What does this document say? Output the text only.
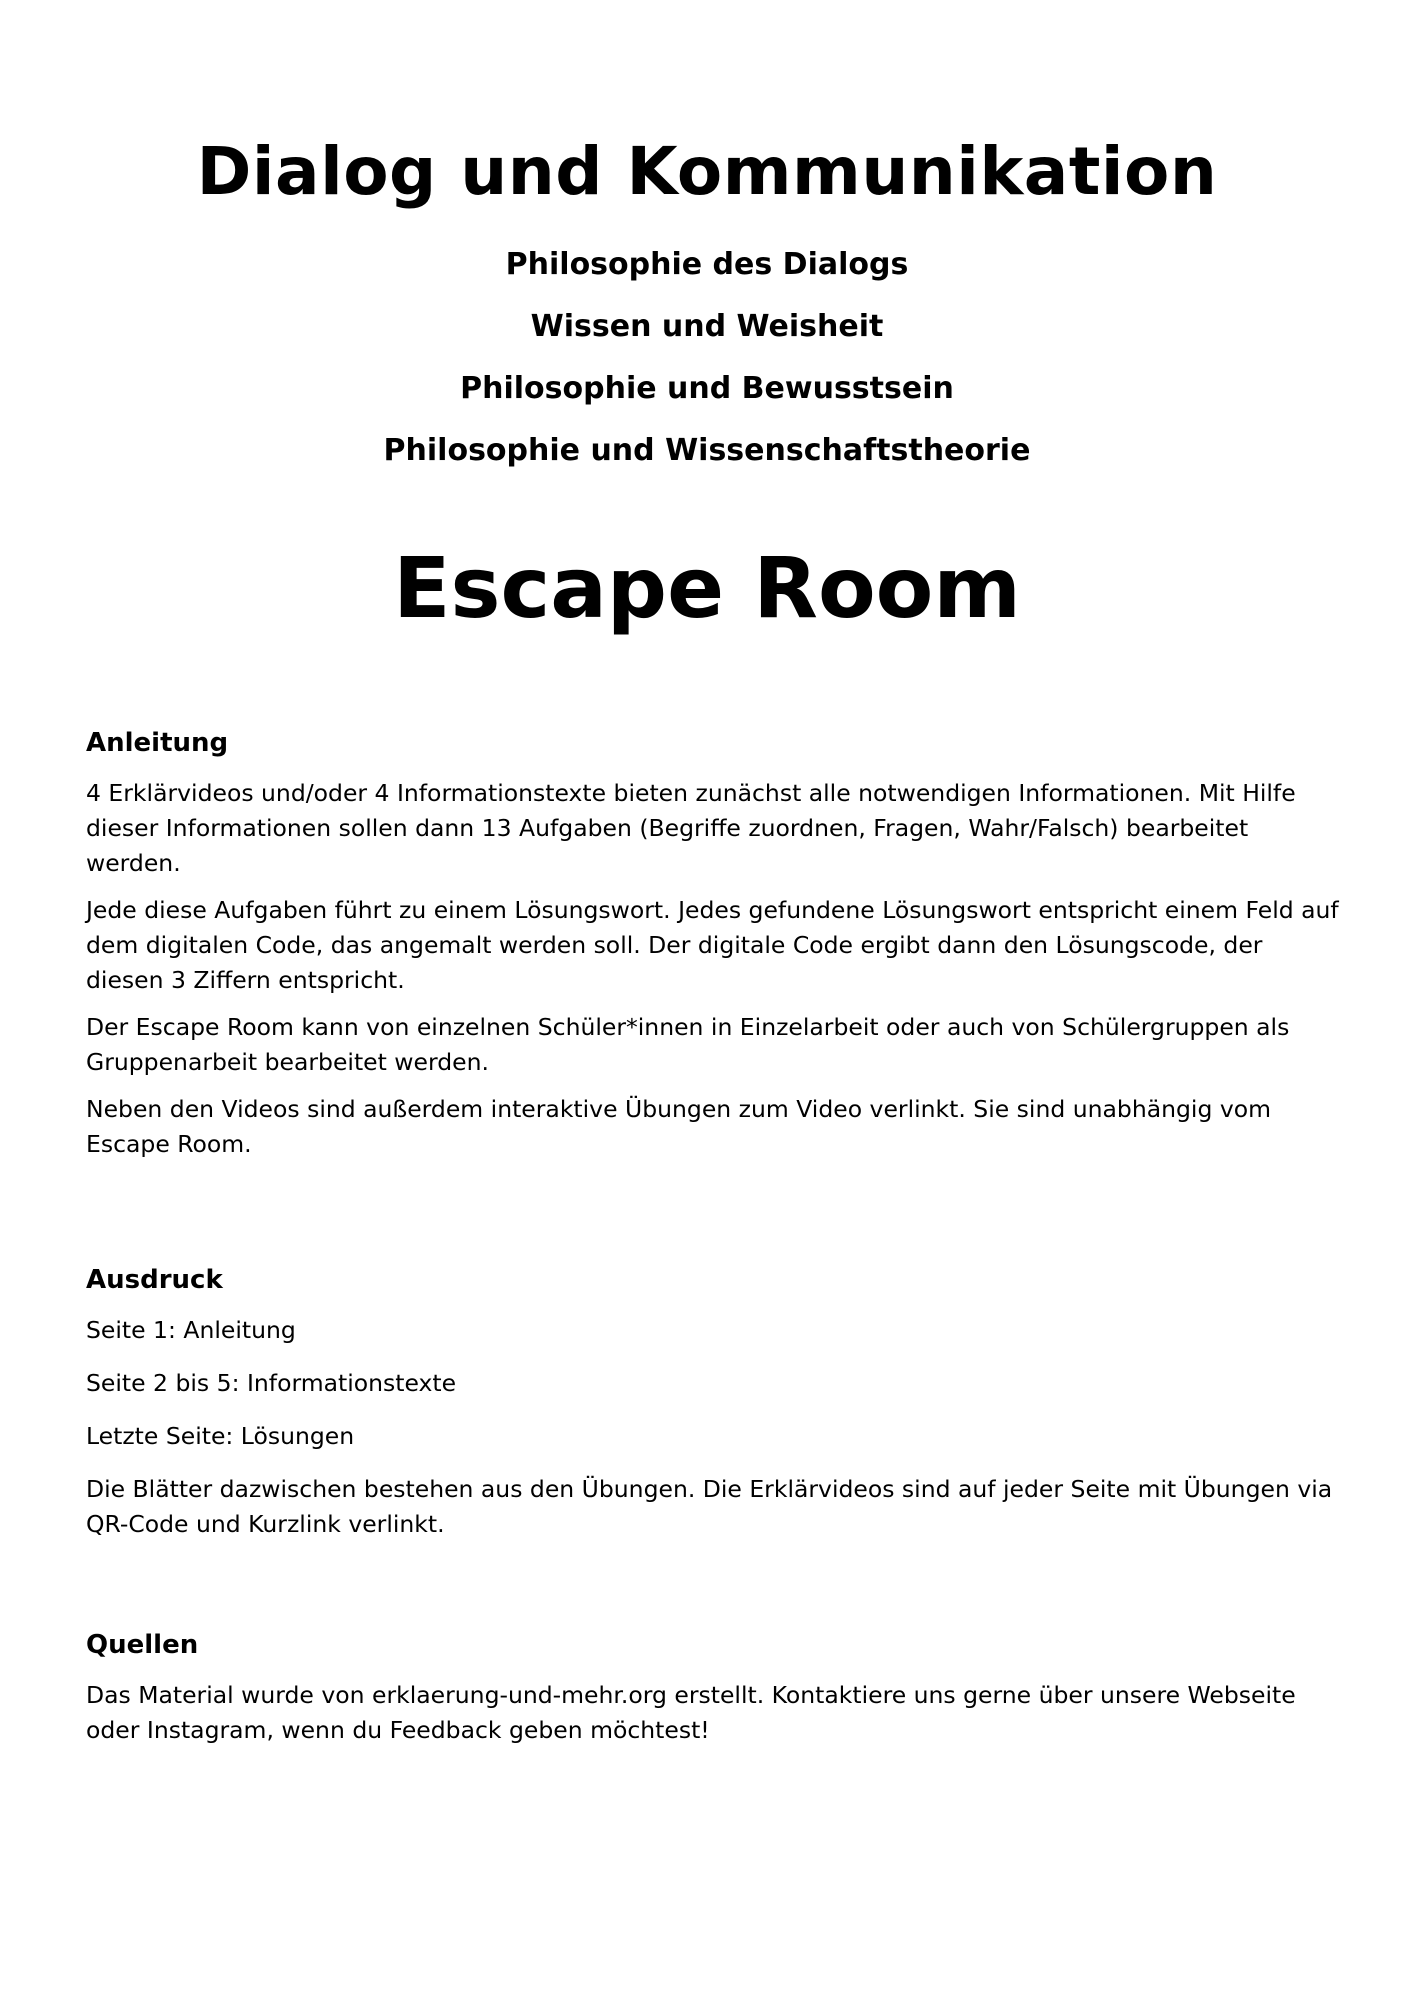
Dialog und Kommunikation
Philosophie des Dialogs
Wissen und Weisheit
Philosophie und Bewusstsein
Philosophie und Wissenschaftstheorie
Escape Room
Anleitung

4 Erklärvideos und/oder 4 Informationstexte bieten zunächst alle notwendigen Informationen. Mit Hilfe dieser Informationen sollen dann 13 Aufgaben (Begriffe zuordnen, Fragen, Wahr/Falsch) bearbeitet werden.

Jede diese Aufgaben führt zu einem Lösungswort. Jedes gefundene Lösungswort entspricht einem Feld auf dem digitalen Code, das angemalt werden soll. Der digitale Code ergibt dann den Lösungscode, der diesen 3 Ziffern entspricht.

Der Escape Room kann von einzelnen Schüler*innen in Einzelarbeit oder auch von Schülergruppen als Gruppenarbeit bearbeitet werden.

Neben den Videos sind außerdem interaktive Übungen zum Video verlinkt. Sie sind unabhängig vom Escape Room.

Ausdruck

Seite 1: Anleitung

Seite 2 bis 5: Informationstexte

Letzte Seite: Lösungen

Die Blätter dazwischen bestehen aus den Übungen. Die Erklärvideos sind auf jeder Seite mit Übungen via QR-Code und Kurzlink verlinkt.

Quellen

Das Material wurde von erklaerung-und-mehr.org erstellt. Kontaktiere uns gerne über unsere Webseite oder Instagram, wenn du Feedback geben möchtest!
